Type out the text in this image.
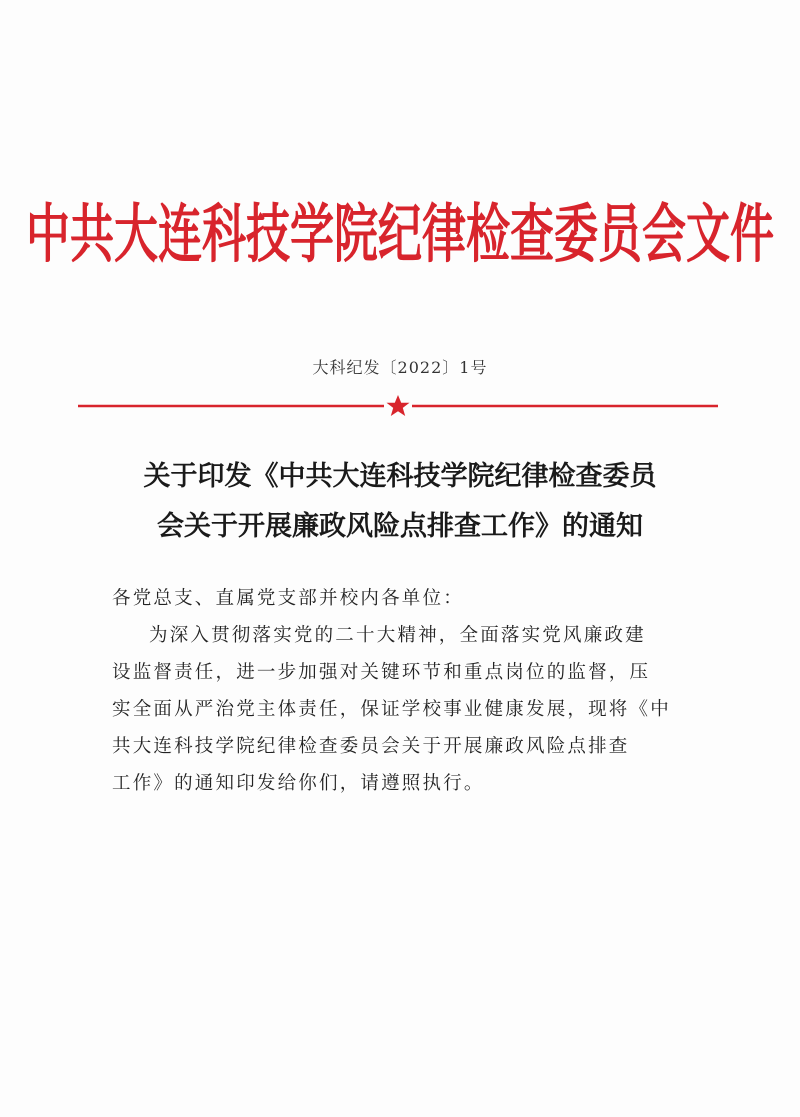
中共大连科技学院纪律检查委员会文件
大科纪发〔2022〕1号
关于印发《中共大连科技学院纪律检查委员
会关于开展廉政风险点排查工作》的通知
各党总支、直属党支部并校内各单位：
为深入贯彻落实党的二十大精神，全面落实党风廉政建
设监督责任，进一步加强对关键环节和重点岗位的监督，压
实全面从严治党主体责任，保证学校事业健康发展，现将《中
共大连科技学院纪律检查委员会关于开展廉政风险点排查
工作》的通知印发给你们，请遵照执行。
